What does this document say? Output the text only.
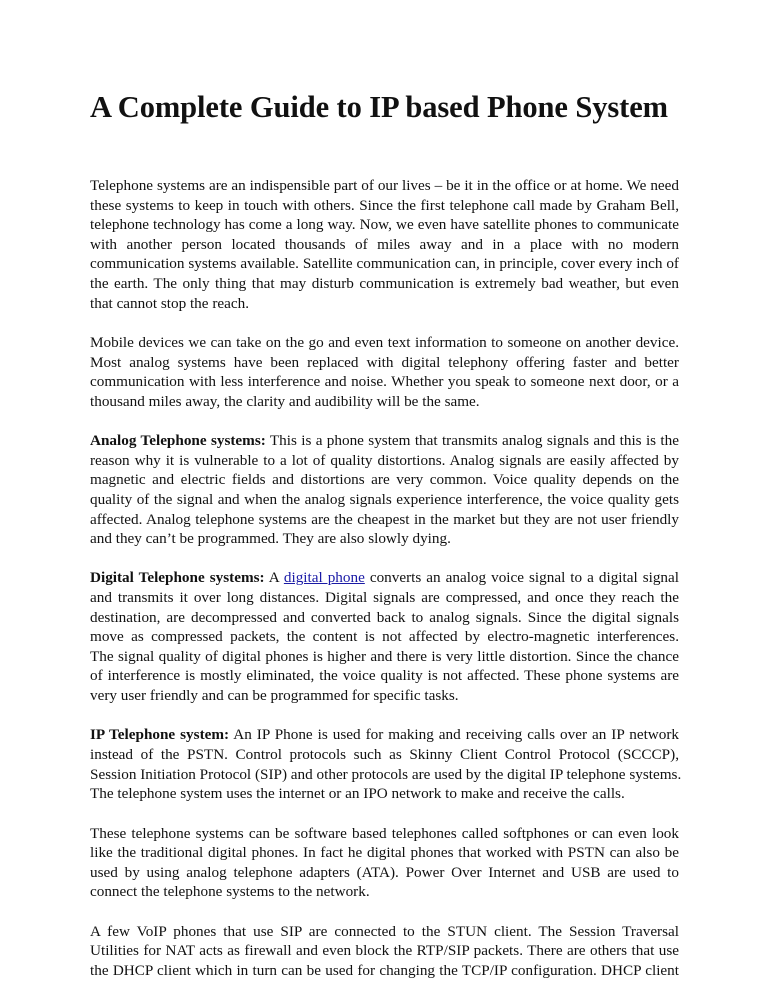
A Complete Guide to IP based Phone System

Telephone systems are an indispensible part of our lives – be it in the office or at home. We need
these systems to keep in touch with others. Since the first telephone call made by Graham Bell,
telephone technology has come a long way. Now, we even have satellite phones to communicate
with another person located thousands of miles away and in a place with no modern
communication systems available. Satellite communication can, in principle, cover every inch of
the earth. The only thing that may disturb communication is extremely bad weather, but even
that cannot stop the reach.

Mobile devices we can take on the go and even text information to someone on another device.
Most analog systems have been replaced with digital telephony offering faster and better
communication with less interference and noise. Whether you speak to someone next door, or a
thousand miles away, the clarity and audibility will be the same.

Analog Telephone systems: This is a phone system that transmits analog signals and this is the
reason why it is vulnerable to a lot of quality distortions. Analog signals are easily affected by
magnetic and electric fields and distortions are very common. Voice quality depends on the
quality of the signal and when the analog signals experience interference, the voice quality gets
affected. Analog telephone systems are the cheapest in the market but they are not user friendly
and they can’t be programmed. They are also slowly dying.

Digital Telephone systems: A digital phone converts an analog voice signal to a digital signal
and transmits it over long distances. Digital signals are compressed, and once they reach the
destination, are decompressed and converted back to analog signals. Since the digital signals
move as compressed packets, the content is not affected by electro-magnetic interferences.
The signal quality of digital phones is higher and there is very little distortion. Since the chance
of interference is mostly eliminated, the voice quality is not affected. These phone systems are
very user friendly and can be programmed for specific tasks.

IP Telephone system: An IP Phone is used for making and receiving calls over an IP network
instead of the PSTN. Control protocols such as Skinny Client Control Protocol (SCCCP),
Session Initiation Protocol (SIP) and other protocols are used by the digital IP telephone systems.
The telephone system uses the internet or an IPO network to make and receive the calls.

These telephone systems can be software based telephones called softphones or can even look
like the traditional digital phones. In fact he digital phones that worked with PSTN can also be
used by using analog telephone adapters (ATA). Power Over Internet and USB are used to
connect the telephone systems to the network.

A few VoIP phones that use SIP are connected to the STUN client. The Session Traversal
Utilities for NAT acts as firewall and even block the RTP/SIP packets. There are others that use
the DHCP client which in turn can be used for changing the TCP/IP configuration. DHCP client
